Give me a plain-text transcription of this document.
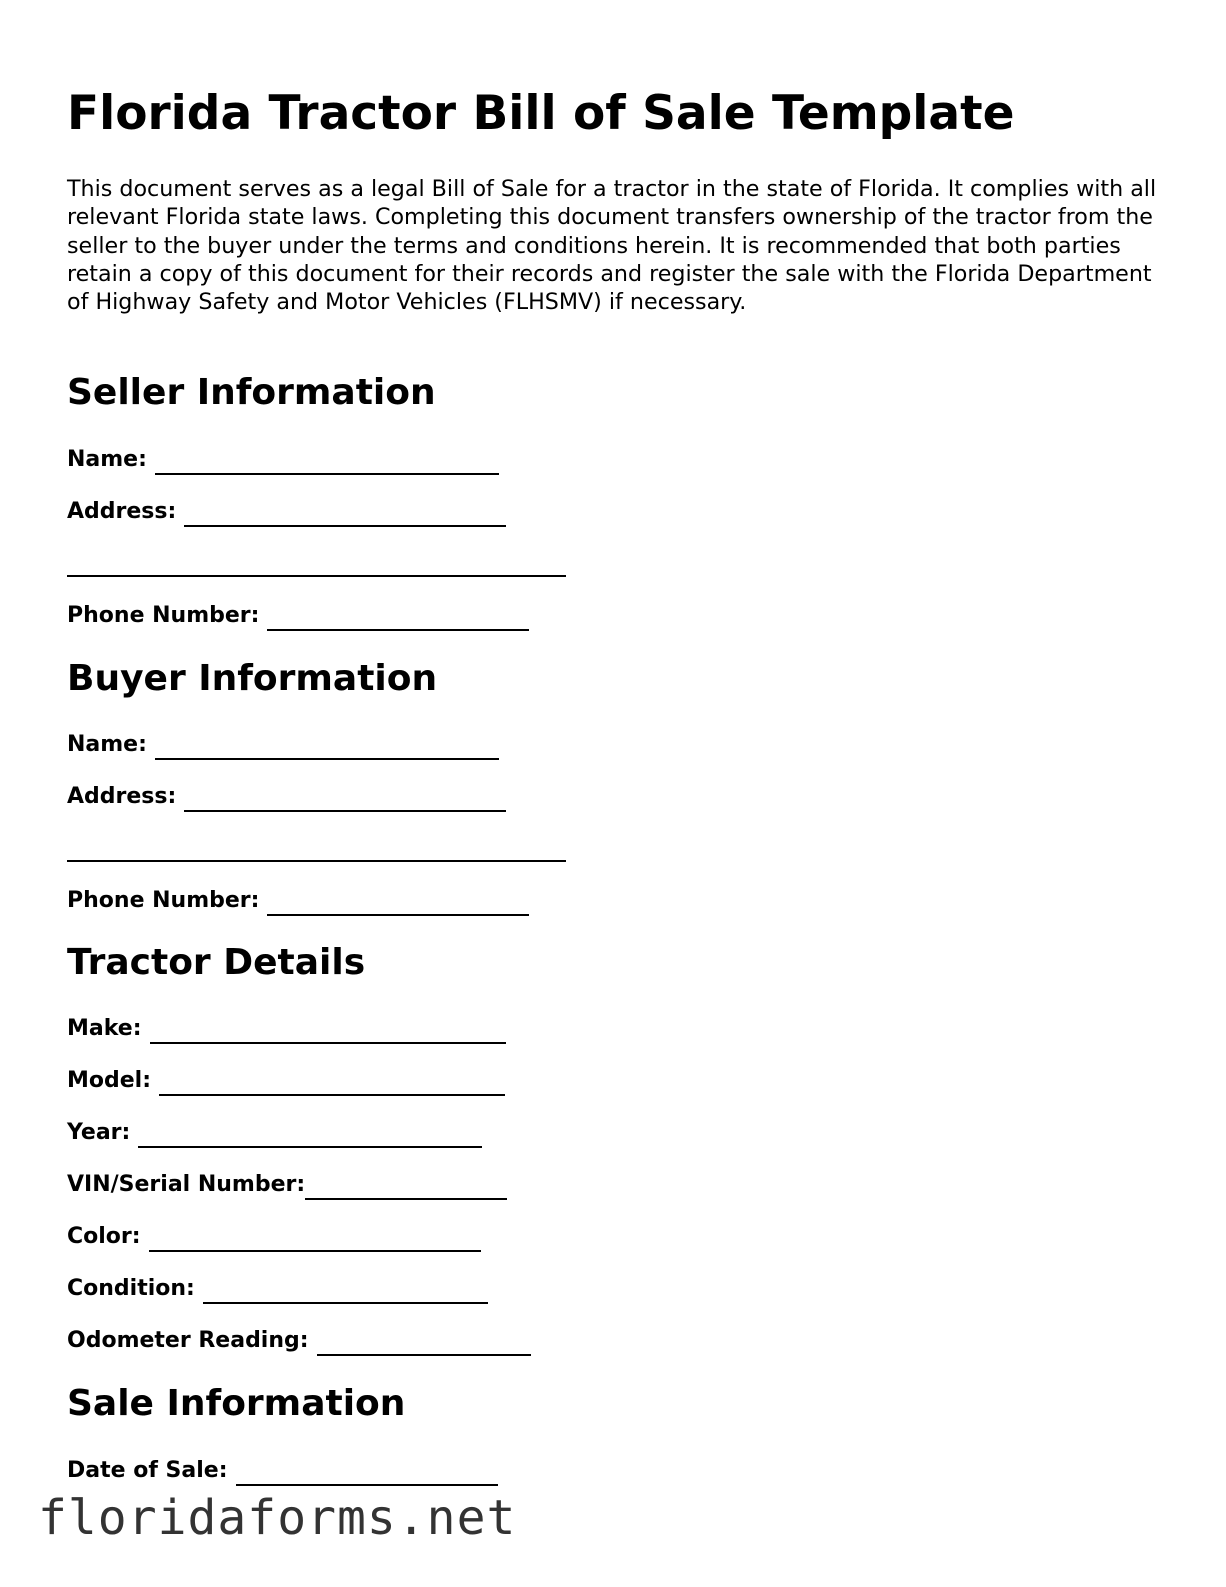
Florida Tractor Bill of Sale Template
This document serves as a legal Bill of Sale for a tractor in the state of Florida. It complies with all relevant Florida state laws. Completing this document transfers ownership of the tractor from the seller to the buyer under the terms and conditions herein. It is recommended that both parties retain a copy of this document for their records and register the sale with the Florida Department of Highway Safety and Motor Vehicles (FLHSMV) if necessary.
Seller Information
Name:
Address:
Phone Number:
Buyer Information
Name:
Address:
Phone Number:
Tractor Details
Make:
Model:
Year:
VIN/Serial Number:
Color:
Condition:
Odometer Reading:
Sale Information
Date of Sale:
floridaforms.net
